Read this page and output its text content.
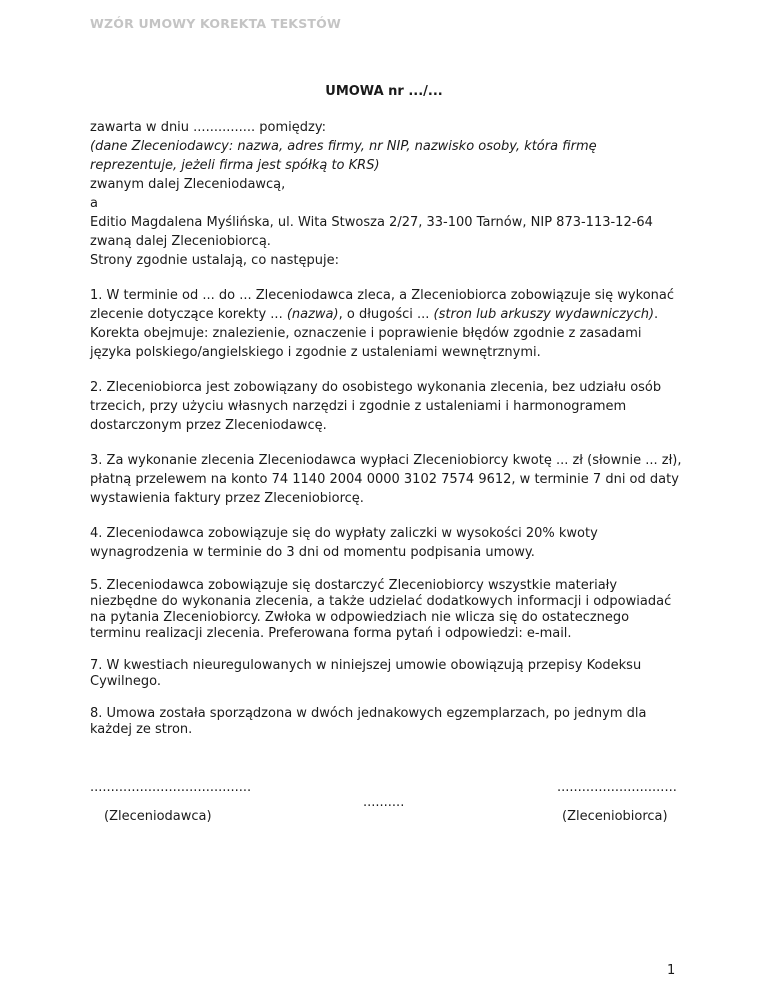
WZÓR UMOWY KOREKTA TEKSTÓW
UMOWA nr .../...
zawarta w dniu ............... pomiędzy:
(dane Zleceniodawcy: nazwa, adres firmy, nr NIP, nazwisko osoby, która firmę
reprezentuje, jeżeli firma jest spółką to KRS)
zwanym dalej Zleceniodawcą,
a
Editio Magdalena Myślińska, ul. Wita Stwosza 2/27, 33-100 Tarnów, NIP 873-113-12-64
zwaną dalej Zleceniobiorcą.
Strony zgodnie ustalają, co następuje:
1. W terminie od ... do ... Zleceniodawca zleca, a Zleceniobiorca zobowiązuje się wykonać
zlecenie dotyczące korekty ... (nazwa), o długości ... (stron lub arkuszy wydawniczych).
Korekta obejmuje: znalezienie, oznaczenie i poprawienie błędów zgodnie z zasadami
języka polskiego/angielskiego i zgodnie z ustaleniami wewnętrznymi.
2. Zleceniobiorca jest zobowiązany do osobistego wykonania zlecenia, bez udziału osób
trzecich, przy użyciu własnych narzędzi i zgodnie z ustaleniami i harmonogramem
dostarczonym przez Zleceniodawcę.
3. Za wykonanie zlecenia Zleceniodawca wypłaci Zleceniobiorcy kwotę ... zł (słownie ... zł),
płatną przelewem na konto 74 1140 2004 0000 3102 7574 9612, w terminie 7 dni od daty
wystawienia faktury przez Zleceniobiorcę.
4. Zleceniodawca zobowiązuje się do wypłaty zaliczki w wysokości 20% kwoty
wynagrodzenia w terminie do 3 dni od momentu podpisania umowy.
5. Zleceniodawca zobowiązuje się dostarczyć Zleceniobiorcy wszystkie materiały
niezbędne do wykonania zlecenia, a także udzielać dodatkowych informacji i odpowiadać
na pytania Zleceniobiorcy. Zwłoka w odpowiedziach nie wlicza się do ostatecznego
terminu realizacji zlecenia. Preferowana forma pytań i odpowiedzi: e-mail.
7. W kwestiach nieuregulowanych w niniejszej umowie obowiązują przepisy Kodeksu
Cywilnego.
8. Umowa została sporządzona w dwóch jednakowych egzemplarzach, po jednym dla
każdej ze stron.
.......................................	.............................
..........
(Zleceniodawca)	(Zleceniobiorca)
1
